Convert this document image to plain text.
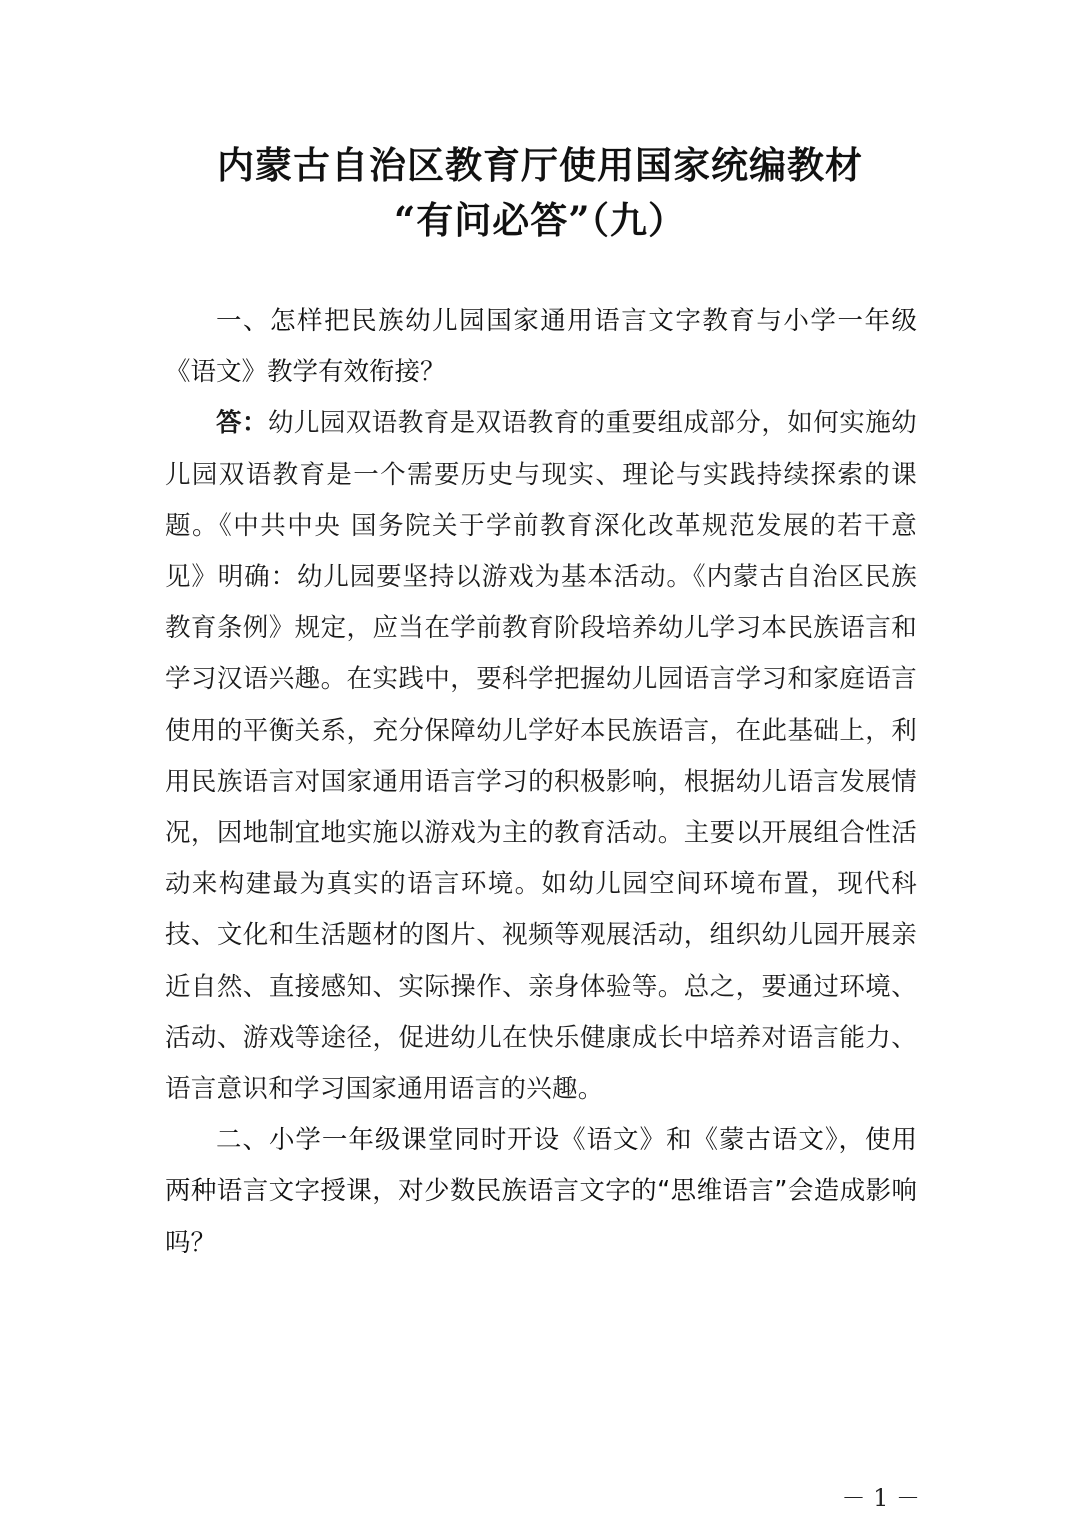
内蒙古自治区教育厅使用国家统编教材
“有问必答”（九）

一、怎样把民族幼儿园国家通用语言文字教育与小学一年级《语文》教学有效衔接？

答：幼儿园双语教育是双语教育的重要组成部分，如何实施幼儿园双语教育是一个需要历史与现实、理论与实践持续探索的课题。《中共中央 国务院关于学前教育深化改革规范发展的若干意见》明确：幼儿园要坚持以游戏为基本活动。《内蒙古自治区民族教育条例》规定，应当在学前教育阶段培养幼儿学习本民族语言和学习汉语兴趣。在实践中，要科学把握幼儿园语言学习和家庭语言使用的平衡关系，充分保障幼儿学好本民族语言，在此基础上，利用民族语言对国家通用语言学习的积极影响，根据幼儿语言发展情况，因地制宜地实施以游戏为主的教育活动。主要以开展组合性活动来构建最为真实的语言环境。如幼儿园空间环境布置，现代科技、文化和生活题材的图片、视频等观展活动，组织幼儿园开展亲近自然、直接感知、实际操作、亲身体验等。总之，要通过环境、活动、游戏等途径，促进幼儿在快乐健康成长中培养对语言能力、语言意识和学习国家通用语言的兴趣。

二、小学一年级课堂同时开设《语文》和《蒙古语文》，使用两种语言文字授课，对少数民族语言文字的“思维语言”会造成影响吗？

－ 1 －
